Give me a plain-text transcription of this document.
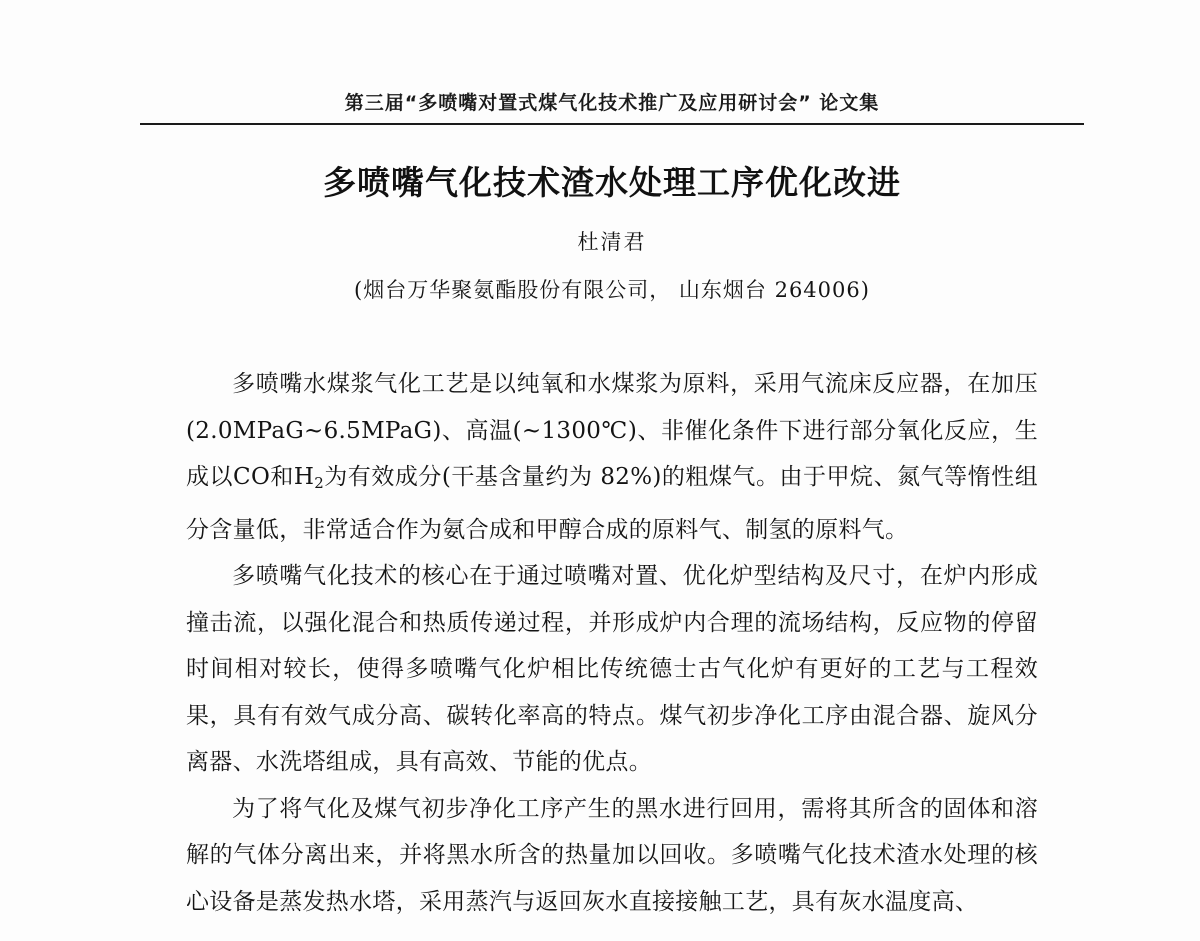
第三届“多喷嘴对置式煤气化技术推广及应用研讨会” 论文集
多喷嘴气化技术渣水处理工序优化改进
杜清君
(烟台万华聚氨酯股份有限公司， 山东烟台 264006)

多喷嘴水煤浆气化工艺是以纯氧和水煤浆为原料，采用气流床反应器，在加压(2.0MPaG~6.5MPaG)、高温(~1300℃)、非催化条件下进行部分氧化反应，生成以CO和$H_2$为有效成分(干基含量约为 82%)的粗煤气。由于甲烷、氮气等惰性组分含量低，非常适合作为氨合成和甲醇合成的原料气、制氢的原料气。

多喷嘴气化技术的核心在于通过喷嘴对置、优化炉型结构及尺寸，在炉内形成撞击流，以强化混合和热质传递过程，并形成炉内合理的流场结构，反应物的停留时间相对较长，使得多喷嘴气化炉相比传统德士古气化炉有更好的工艺与工程效果，具有有效气成分高、碳转化率高的特点。煤气初步净化工序由混合器、旋风分离器、水洗塔组成，具有高效、节能的优点。

为了将气化及煤气初步净化工序产生的黑水进行回用，需将其所含的固体和溶解的气体分离出来，并将黑水所含的热量加以回收。多喷嘴气化技术渣水处理的核心设备是蒸发热水塔，采用蒸汽与返回灰水直接接触工艺，具有灰水温度高、
